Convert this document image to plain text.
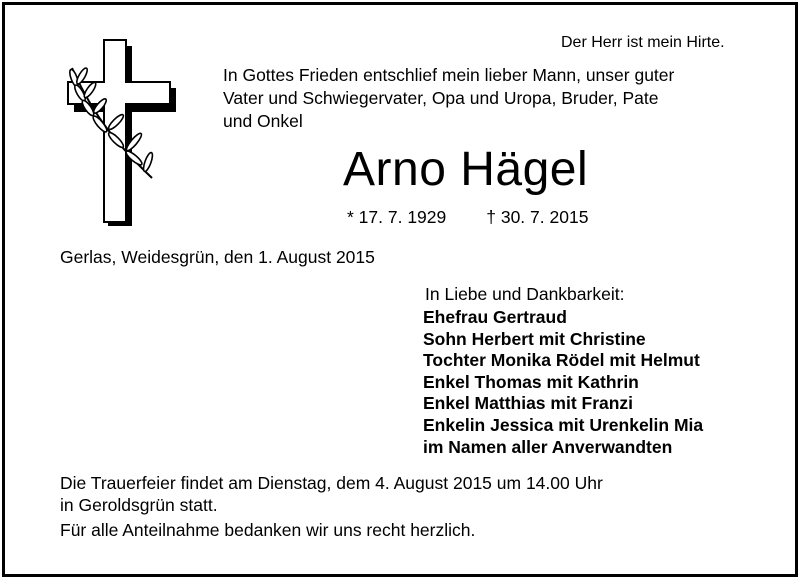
Der Herr ist mein Hirte.
In Gottes Frieden entschlief mein lieber Mann, unser guter
Vater und Schwiegervater, Opa und Uropa, Bruder, Pate
und Onkel
Arno Hägel
* 17. 7. 1929 † 30. 7. 2015
Gerlas, Weidesgrün, den 1. August 2015
In Liebe und Dankbarkeit:
Ehefrau Gertraud
Sohn Herbert mit Christine
Tochter Monika Rödel mit Helmut
Enkel Thomas mit Kathrin
Enkel Matthias mit Franzi
Enkelin Jessica mit Urenkelin Mia
im Namen aller Anverwandten
Die Trauerfeier findet am Dienstag, dem 4. August 2015 um 14.00 Uhr
in Geroldsgrün statt.
Für alle Anteilnahme bedanken wir uns recht herzlich.
